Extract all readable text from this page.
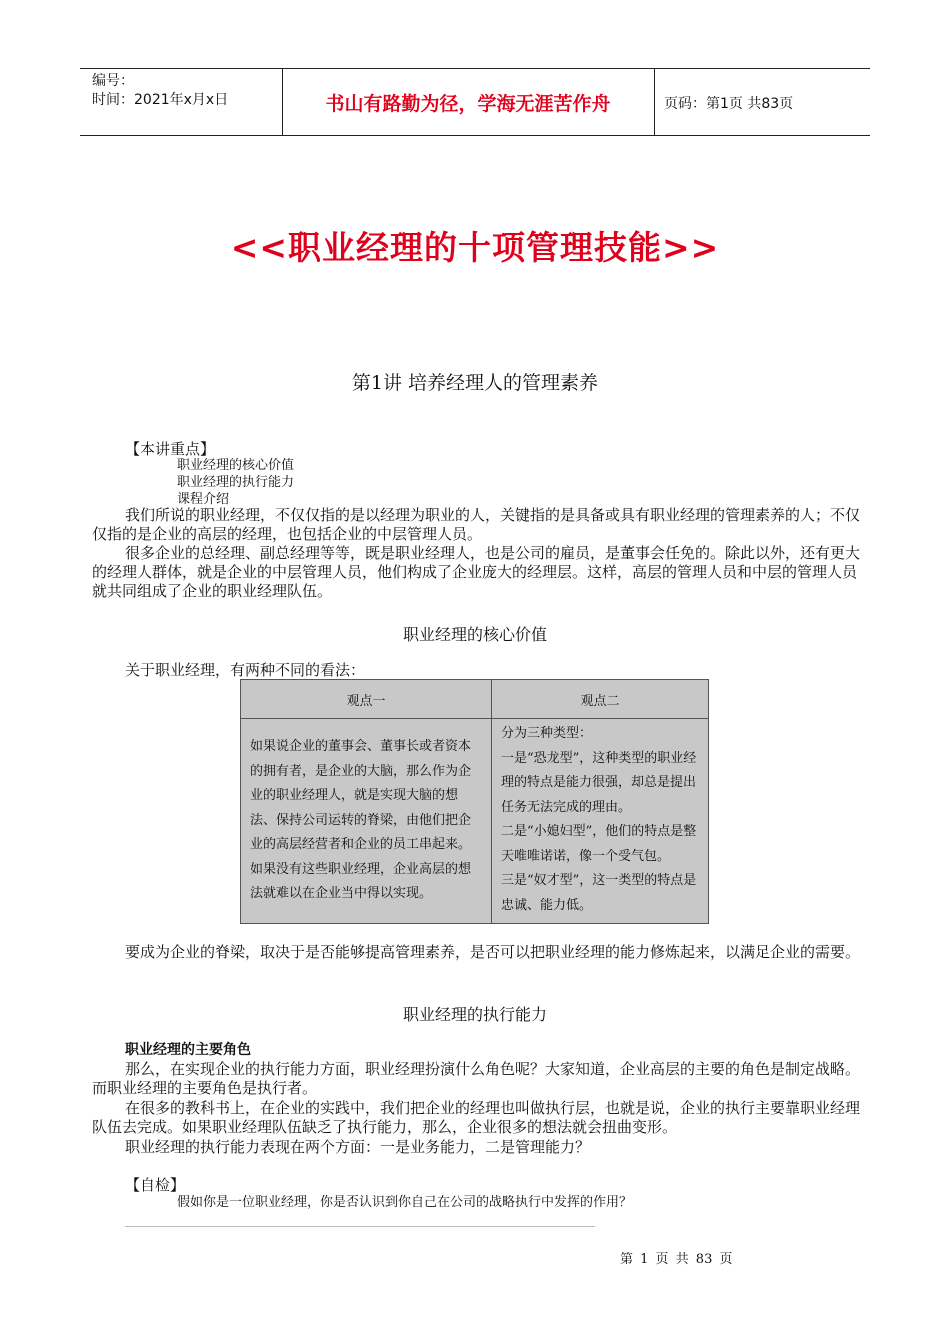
编号：
时间：2021年x月x日	书山有路勤为径，学海无涯苦作舟	页码：第1页 共83页
<<职业经理的十项管理技能>>
第1讲 培养经理人的管理素养
【本讲重点】
职业经理的核心价值
职业经理的执行能力
课程介绍
我们所说的职业经理，不仅仅指的是以经理为职业的人，关键指的是具备或具有职业经理的管理素养的人；不仅仅指的是企业的高层的经理，也包括企业的中层管理人员。
很多企业的总经理、副总经理等等，既是职业经理人，也是公司的雇员，是董事会任免的。除此以外，还有更大的经理人群体，就是企业的中层管理人员，他们构成了企业庞大的经理层。这样，高层的管理人员和中层的管理人员就共同组成了企业的职业经理队伍。
职业经理的核心价值
关于职业经理，有两种不同的看法：
观点一	观点二

如果说企业的董事会、董事长或者资本的拥有者，是企业的大脑，那么作为企业的职业经理人，就是实现大脑的想法、保持公司运转的脊梁，由他们把企业的高层经营者和企业的员工串起来。如果没有这些职业经理，企业高层的想法就难以在企业当中得以实现。	分为三种类型：
一是“恐龙型”，这种类型的职业经理的特点是能力很强，却总是提出任务无法完成的理由。
二是“小媳妇型”，他们的特点是整天唯唯诺诺，像一个受气包。
三是“奴才型”，这一类型的特点是忠诚、能力低。
要成为企业的脊梁，取决于是否能够提高管理素养，是否可以把职业经理的能力修炼起来，以满足企业的需要。
职业经理的执行能力
职业经理的主要角色
那么，在实现企业的执行能力方面，职业经理扮演什么角色呢？大家知道，企业高层的主要的角色是制定战略。而职业经理的主要角色是执行者。
在很多的教科书上，在企业的实践中，我们把企业的经理也叫做执行层，也就是说，企业的执行主要靠职业经理队伍去完成。如果职业经理队伍缺乏了执行能力，那么，企业很多的想法就会扭曲变形。
职业经理的执行能力表现在两个方面：一是业务能力，二是管理能力？
【自检】
假如你是一位职业经理，你是否认识到你自己在公司的战略执行中发挥的作用？
第 1 页 共 83 页
